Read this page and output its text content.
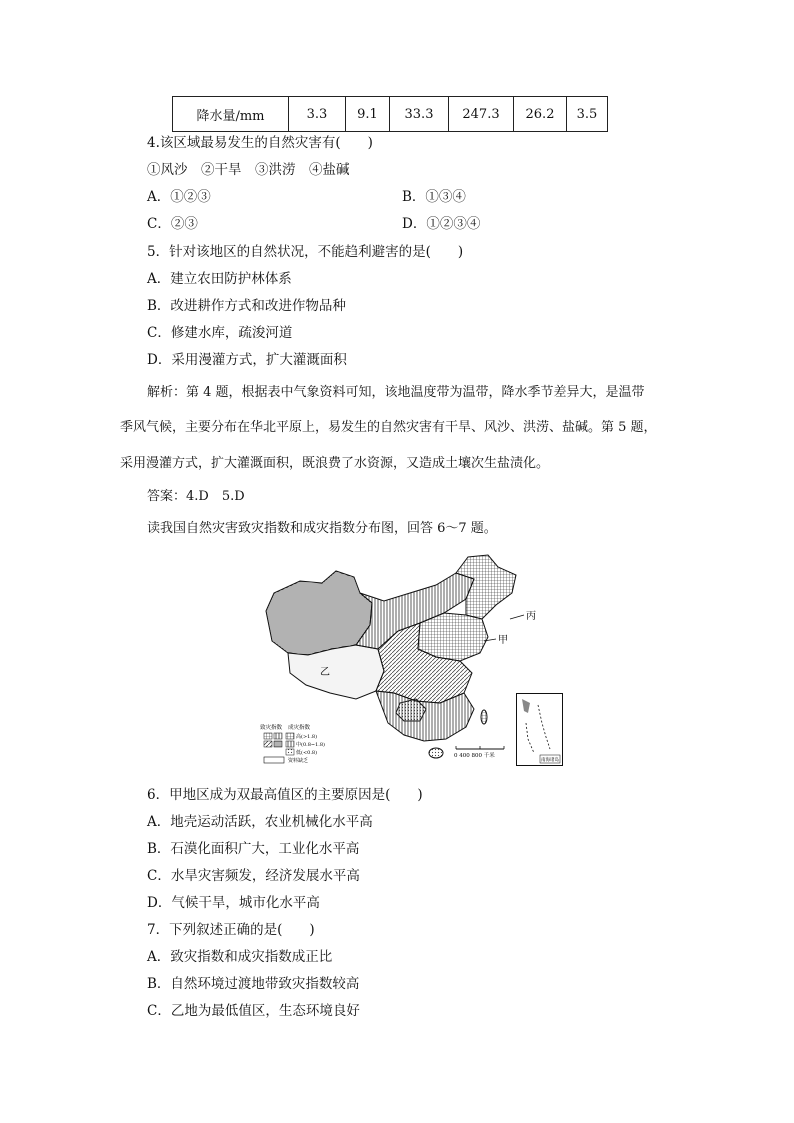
降水量/mm	3.3	9.1	33.3	247.3	26.2	3.5
4.该区域最易发生的自然灾害有(　　)
①风沙　②干旱　③洪涝　④盐碱
A．①②③	B．①③④
C．②③	D．①②③④
5．针对该地区的自然状况，不能趋利避害的是(　　)
A．建立农田防护林体系
B．改进耕作方式和改进作物品种
C．修建水库，疏浚河道
D．采用漫灌方式，扩大灌溉面积
解析：第 4 题，根据表中气象资料可知，该地温度带为温带，降水季节差异大，是温带
季风气候，主要分布在华北平原上，易发生的自然灾害有干旱、风沙、洪涝、盐碱。第 5 题，
采用漫灌方式，扩大灌溉面积，既浪费了水资源，又造成土壤次生盐渍化。
答案：4.D　5.D
读我国自然灾害致灾指数和成灾指数分布图，回答 6～7 题。
丙
甲
乙
致灾指数 成灾指数
高(>1.8)
中(0.8~1.8)
低(<0.8)
资料缺乏
0 400 800 千米
南海诸岛
6．甲地区成为双最高值区的主要原因是(　　)
A．地壳运动活跃，农业机械化水平高
B．石漠化面积广大，工业化水平高
C．水旱灾害频发，经济发展水平高
D．气候干旱，城市化水平高
7．下列叙述正确的是(　　)
A．致灾指数和成灾指数成正比
B．自然环境过渡地带致灾指数较高
C．乙地为最低值区，生态环境良好
